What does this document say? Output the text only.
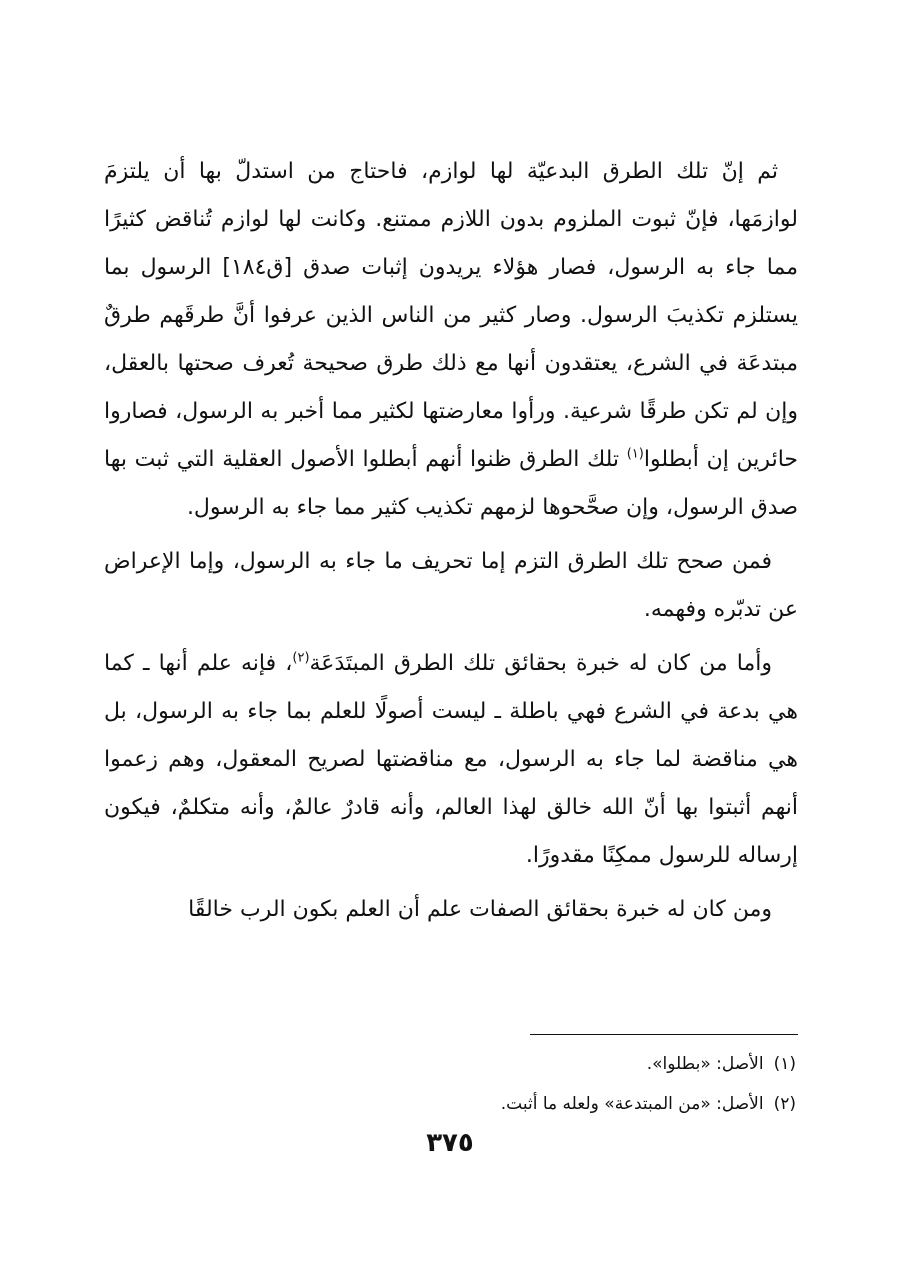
ثم إنّ تلك الطرق البدعيّة لها لوازم، فاحتاج من استدلّ بها أن يلتزمَ لوازمَها، فإنّ ثبوت الملزوم بدون اللازم ممتنع. وكانت لها لوازم تُناقض كثيرًا مما جاء به الرسول، فصار هؤلاء يريدون إثبات صدق [ق١٨٤] الرسول بما يستلزم تكذيبَ الرسول. وصار كثير من الناس الذين عرفوا أنَّ طرقَهم طرقٌ مبتدعَة في الشرع، يعتقدون أنها مع ذلك طرق صحيحة تُعرف صحتها بالعقل، وإن لم تكن طرقًا شرعية. ورأوا معارضتها لكثير مما أخبر به الرسول، فصاروا حائرين إن أبطلوا$^{(١)}$ تلك الطرق ظنوا أنهم أبطلوا الأصول العقلية التي ثبت بها صدق الرسول، وإن صحَّحوها لزمهم تكذيب كثير مما جاء به الرسول.

فمن صحح تلك الطرق التزم إما تحريف ما جاء به الرسول، وإما الإعراض عن تدبّره وفهمه.

وأما من كان له خبرة بحقائق تلك الطرق المبتَدَعَة$^{(٢)}$، فإنه علم أنها ـ كما هي بدعة في الشرع فهي باطلة ـ ليست أصولًا للعلم بما جاء به الرسول، بل هي مناقضة لما جاء به الرسول، مع مناقضتها لصريح المعقول، وهم زعموا أنهم أثبتوا بها أنّ الله خالق لهذا العالم، وأنه قادرٌ عالمٌ، وأنه متكلمٌ، فيكون إرساله للرسول ممكِنًا مقدورًا.

ومن كان له خبرة بحقائق الصفات علم أن العلم بكون الرب خالقًا

(١)الأصل: «بطلوا».
(٢)الأصل: «من المبتدعة» ولعله ما أثبت.
٣٧٥
